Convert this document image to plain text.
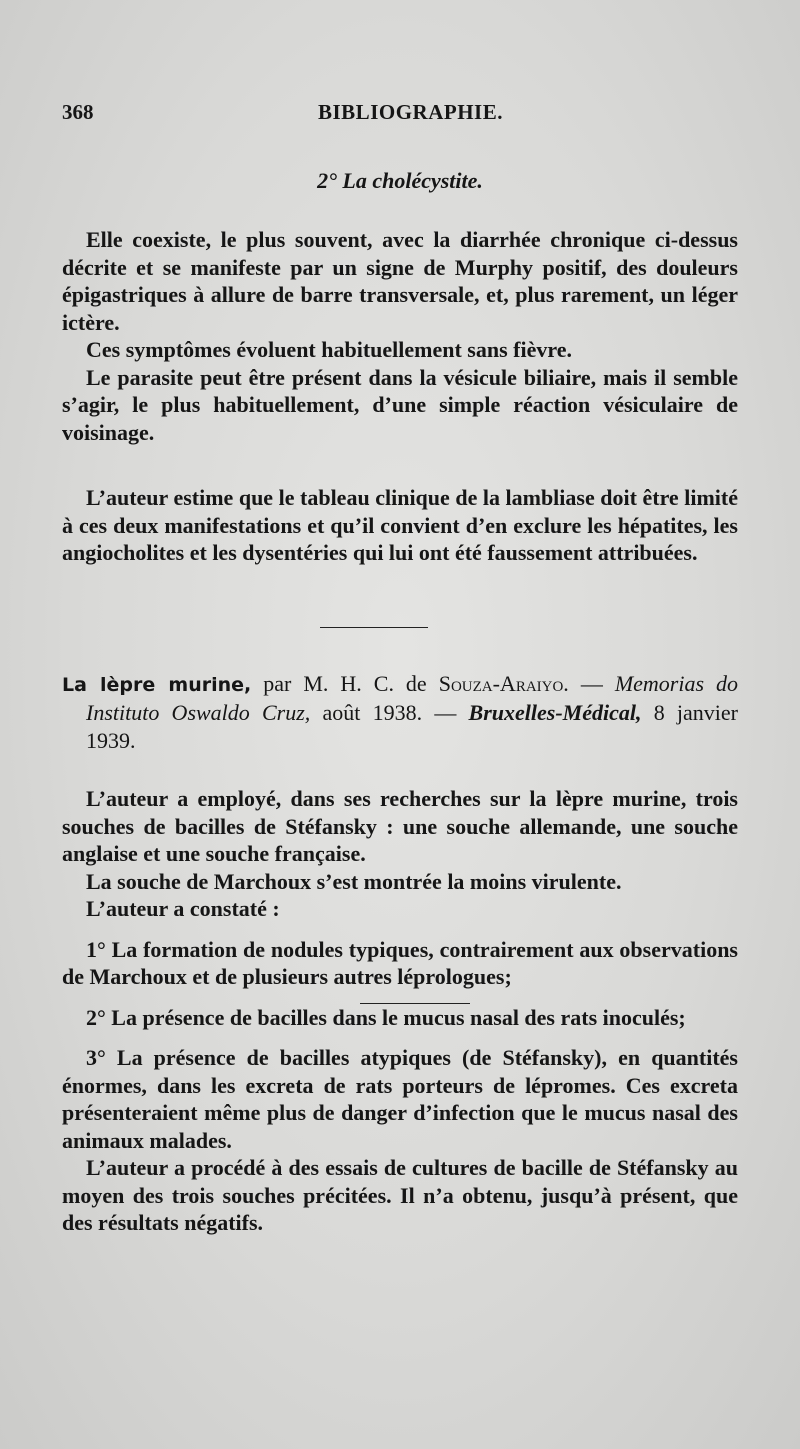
368	BIBLIOGRAPHIE.
2° La cholécystite.

Elle coexiste, le plus souvent, avec la diarrhée chronique ci-dessus décrite et se manifeste par un signe de Murphy positif, des douleurs épigastriques à allure de barre transversale, et, plus rarement, un léger ictère.

Ces symptômes évoluent habituellement sans fièvre.

Le parasite peut être présent dans la vésicule biliaire, mais il semble s’agir, le plus habituellement, d’une simple réaction vésiculaire de voisinage.

L’auteur estime que le tableau clinique de la lambliase doit être limité à ces deux manifestations et qu’il convient d’en exclure les hépatites, les angiocholites et les dysentéries qui lui ont été faussement attribuées.

La lèpre murine, par M. H. C. de Souza-Araiyo. — Memorias do Instituto Oswaldo Cruz, août 1938. — Bruxelles-Médical, 8 janvier 1939.

L’auteur a employé, dans ses recherches sur la lèpre murine, trois souches de bacilles de Stéfansky : une souche allemande, une souche anglaise et une souche française.

La souche de Marchoux s’est montrée la moins virulente.

L’auteur a constaté :

1° La formation de nodules typiques, contrairement aux observations de Marchoux et de plusieurs autres léprologues;

2° La présence de bacilles dans le mucus nasal des rats inoculés;

3° La présence de bacilles atypiques (de Stéfansky), en quantités énormes, dans les excreta de rats porteurs de lépromes. Ces excreta présenteraient même plus de danger d’infection que le mucus nasal des animaux malades.

L’auteur a procédé à des essais de cultures de bacille de Stéfansky au moyen des trois souches précitées. Il n’a obtenu, jusqu’à présent, que des résultats négatifs.
